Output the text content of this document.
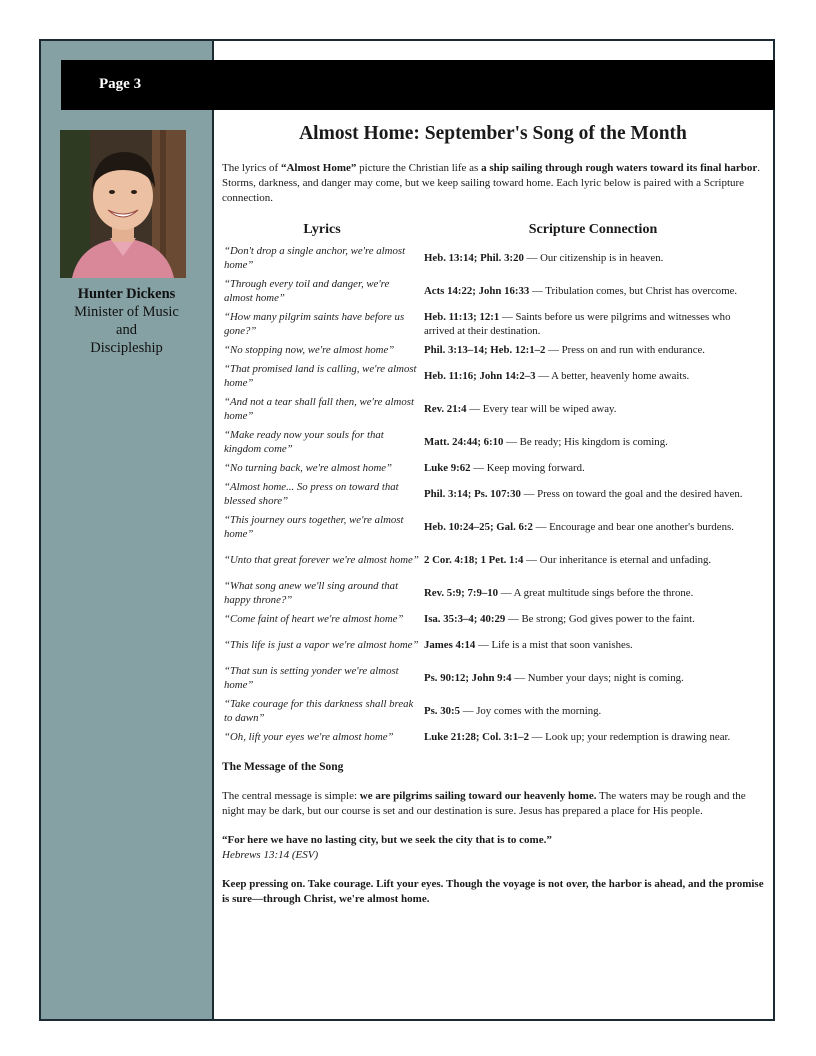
Hunter Dickens
Minister of Music
and
Discipleship
Page 3
Almost Home: September's Song of the Month

The lyrics of “Almost Home” picture the Christian life as a ship sailing through rough waters toward its final harbor. Storms, darkness, and danger may come, but we keep sailing toward home. Each lyric below is paired with a Scripture connection.

Lyrics	Scripture Connection
“Don't drop a single anchor, we're almost home”	Heb. 13:14; Phil. 3:20 — Our citizenship is in heaven.
“Through every toil and danger, we're almost home”	Acts 14:22; John 16:33 — Tribulation comes, but Christ has overcome.
“How many pilgrim saints have before us gone?”	Heb. 11:13; 12:1 — Saints before us were pilgrims and witnesses who arrived at their destination.
“No stopping now, we're almost home”	Phil. 3:13–14; Heb. 12:1–2 — Press on and run with endurance.
“That promised land is calling, we're almost home”	Heb. 11:16; John 14:2–3 — A better, heavenly home awaits.
“And not a tear shall fall then, we're almost home”	Rev. 21:4 — Every tear will be wiped away.
“Make ready now your souls for that kingdom come”	Matt. 24:44; 6:10 — Be ready; His kingdom is coming.
“No turning back, we're almost home”	Luke 9:62 — Keep moving forward.
“Almost home... So press on toward that blessed shore”	Phil. 3:14; Ps. 107:30 — Press on toward the goal and the desired haven.
“This journey ours together, we're almost home”	Heb. 10:24–25; Gal. 6:2 — Encourage and bear one another's burdens.
“Unto that great forever we're almost home”	2 Cor. 4:18; 1 Pet. 1:4 — Our inheritance is eternal and unfading.
“What song anew we'll sing around that happy throne?”	Rev. 5:9; 7:9–10 — A great multitude sings before the throne.
“Come faint of heart we're almost home”	Isa. 35:3–4; 40:29 — Be strong; God gives power to the faint.
“This life is just a vapor we're almost home”	James 4:14 — Life is a mist that soon vanishes.
“That sun is setting yonder we're almost home”	Ps. 90:12; John 9:4 — Number your days; night is coming.
“Take courage for this darkness shall break to dawn”	Ps. 30:5 — Joy comes with the morning.
“Oh, lift your eyes we're almost home”	Luke 21:28; Col. 3:1–2 — Look up; your redemption is drawing near.
The Message of the Song

The central message is simple: we are pilgrims sailing toward our heavenly home. The waters may be rough and the night may be dark, but our course is set and our destination is sure. Jesus has prepared a place for His people.

“For here we have no lasting city, but we seek the city that is to come.”
Hebrews 13:14 (ESV)

Keep pressing on. Take courage. Lift your eyes. Though the voyage is not over, the harbor is ahead, and the promise is sure—through Christ, we're almost home.
